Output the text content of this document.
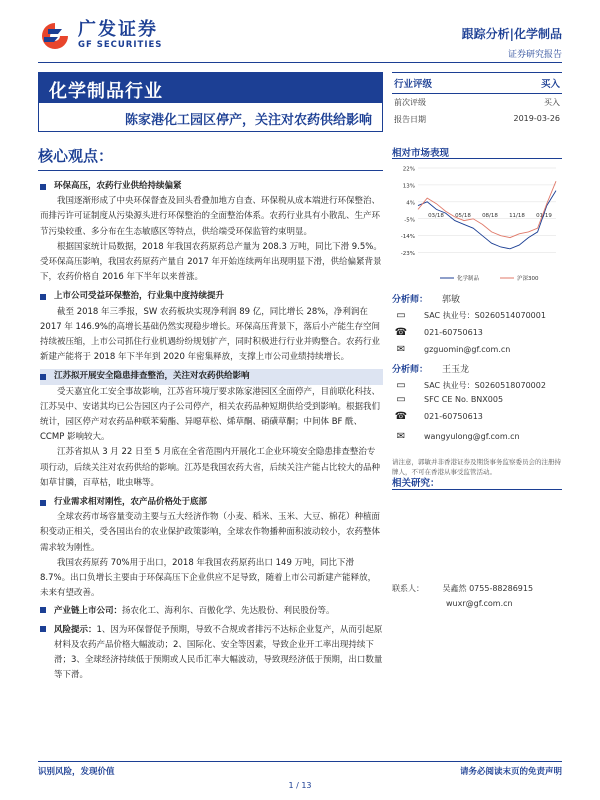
广发证券
GF SECURITIES
跟踪分析|化学制品
证券研究报告
化学制品行业
陈家港化工园区停产，关注对农药供给影响
核心观点：
环保高压，农药行业供给持续偏紧

我国逐渐形成了中央环保督查及回头看叠加地方自查、环保税从成本端进行环保整治、而排污许可证制度从污染源头进行环保整治的全面整治体系。农药行业具有小散乱、生产环节污染较重、多分布在生态敏感区等特点，供给端受环保监管约束明显。

根据国家统计局数据，2018 年我国农药原药总产量为 208.3 万吨，同比下滑 9.5%。受环保高压影响，我国农药原药产量自 2017 年开始连续两年出现明显下滑，供给偏紧背景下，农药价格自 2016 年下半年以来普涨。

上市公司受益环保整治，行业集中度持续提升

截至 2018 年三季报，SW 农药板块实现净利润 89 亿，同比增长 28%，净利润在 2017 年 146.9%的高增长基础仍然实现稳步增长。环保高压背景下，落后小产能生存空间持续被压缩，上市公司抓住行业机遇纷纷规划扩产，同时积极进行行业并购整合。农药行业新建产能将于 2018 年下半年到 2020 年密集释放，支撑上市公司业绩持续增长。

江苏拟开展安全隐患排查整治，关注对农药供给影响

受天嘉宜化工安全事故影响，江苏省环境厅要求陈家港园区全面停产，目前联化科技、江苏吴中、安诺其均已公告园区内子公司停产，相关农药品种短期供给受到影响。根据我们统计，园区停产对农药品种联苯菊酯、异噁草松、烯草酮、硝磺草酮；中间体 BF 酰、CCMP 影响较大。

江苏省拟从 3 月 22 日至 5 月底在全省范围内开展化工企业环境安全隐患排查整治专项行动，后续关注对农药供给的影响。江苏是我国农药大省，后续关注产能占比较大的品种如草甘膦，百草枯，吡虫啉等。

行业需求相对刚性，农产品价格处于底部

全球农药市场容量变动主要与五大经济作物（小麦、稻米、玉米、大豆、棉花）种植面积变动正相关，受各国出台的农业保护政策影响，全球农作物播种面积波动较小，农药整体需求较为刚性。

我国农药原药 70%用于出口，2018 年我国农药原药出口 149 万吨，同比下滑 8.7%。出口负增长主要由于环保高压下企业供应不足导致，随着上市公司新建产能释放，未来有望改善。

产业链上市公司：扬农化工、海利尔、百傲化学、先达股份、利民股份等。
风险提示：1、因为环保督促予预期，导致不合规或者排污不达标企业复产，从而引起原材料及农药产品价格大幅波动；2、国际化、安全等因素，导致企业开工率出现持续下滑；3、全球经济持续低于预期或人民币汇率大幅波动，导致现经济低于预期，出口数量等下滑。
行业评级	买入
前次评级	买入
报告日期	2019-03-26
相对市场表现
22%
13%
4%
-5%
-14%
-23%
03/18 05/18 08/18 11/18 01/19
化学制品	沪深300
分析师： 郭敏
▭	SAC 执业号：S0260514070001
☎	021-60750613
✉	gzguomin@gf.com.cn
分析师： 王玉龙
▭	SAC 执业号：S0260518070002
▭	SFC CE No. BNX005
☎	021-60750613
✉	wangyulong@gf.com.cn
请注意，郭敏并非香港证券及期货事务监察委员会的注册持牌人，不可在香港从事受监管活动。
相关研究：
联系人： 吴鑫然 0755-88286915
wuxr@gf.com.cn
识别风险，发现价值	请务必阅读末页的免责声明
1 / 13
